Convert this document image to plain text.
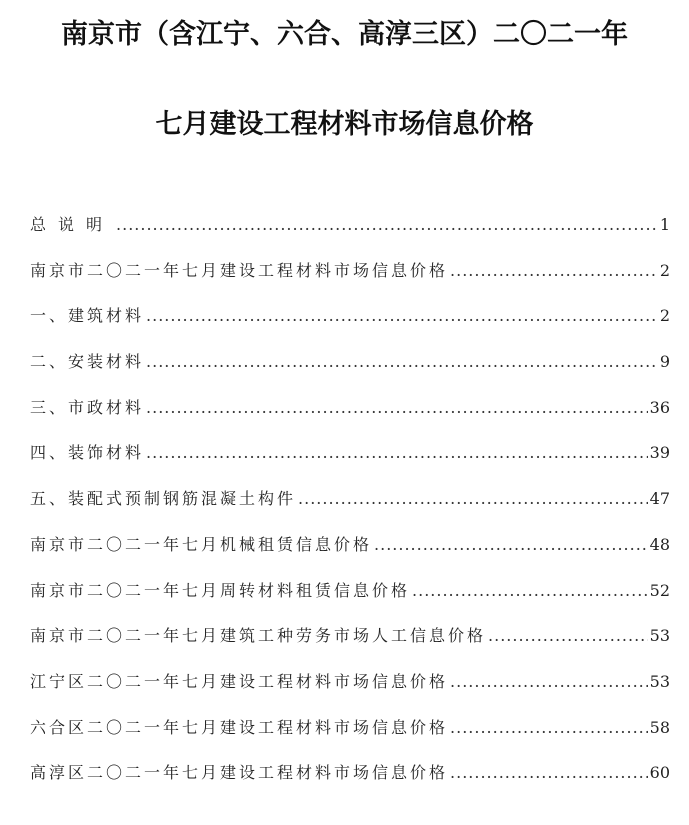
南京市（含江宁、六合、高淳三区）二〇二一年
七月建设工程材料市场信息价格
总说明 .....	1
南京市二〇二一年七月建设工程材料市场信息价格 .....	2
一、建筑材料 .....	2
二、安装材料 .....	9
三、市政材料 .....	36
四、装饰材料 .....	39
五、装配式预制钢筋混凝土构件 .....	47
南京市二〇二一年七月机械租赁信息价格 .....	48
南京市二〇二一年七月周转材料租赁信息价格 .....	52
南京市二〇二一年七月建筑工种劳务市场人工信息价格 .....	53
江宁区二〇二一年七月建设工程材料市场信息价格 .....	53
六合区二〇二一年七月建设工程材料市场信息价格 .....	58
高淳区二〇二一年七月建设工程材料市场信息价格 .....	60
